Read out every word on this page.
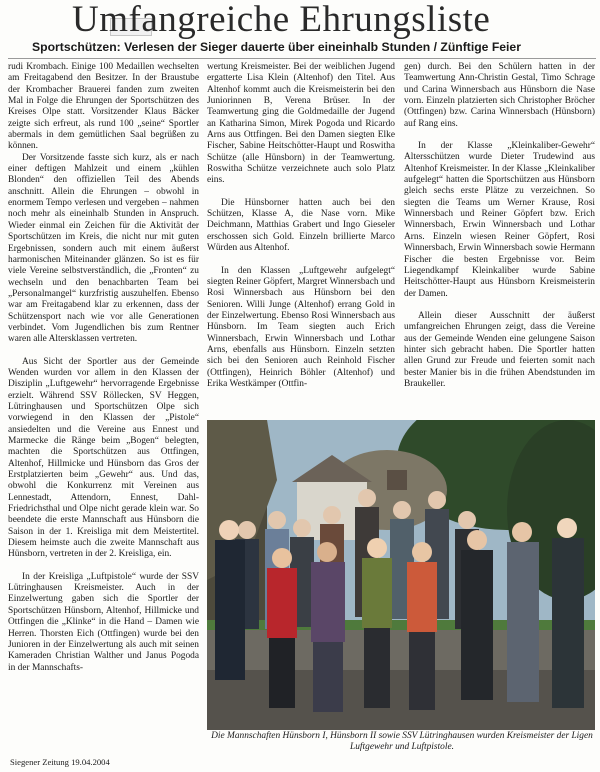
Umfangreiche Ehrungsliste
Sportschützen: Verlesen der Sieger dauerte über eineinhalb Stunden / Zünftige Feier

rudi Krombach. Einige 100 Medaillen wechselten am Freitagabend den Besitzer. In der Braustube der Krombacher Brauerei fanden zum zweiten Mal in Folge die Ehrungen der Sportschützen des Kreises Olpe statt. Vorsitzender Klaus Bäcker zeigte sich erfreut, als rund 100 „seine“ Sportler abermals in dem gemütlichen Saal begrüßen zu können.

Der Vorsitzende fasste sich kurz, als er nach einer deftigen Mahlzeit und einem „kühlen Blonden“ den offiziellen Teil des Abends anschnitt. Allein die Ehrungen – obwohl in enormem Tempo verlesen und vergeben – nahmen noch mehr als eineinhalb Stunden in Anspruch. Wieder einmal ein Zeichen für die Aktivität der Sportschützen im Kreis, die nicht nur mit guten Ergebnissen, sondern auch mit einem äußerst harmonischen Miteinander glänzen. So ist es für viele Vereine selbstverständlich, die „Fronten“ zu wechseln und den benachbarten Team bei „Personalmangel“ kurzfristig auszuhelfen. Ebenso war am Freitagabend klar zu erkennen, dass der Schützensport nach wie vor alle Generationen verbindet. Vom Jugendlichen bis zum Rentner waren alle Altersklassen vertreten.

Aus Sicht der Sportler aus der Gemeinde Wenden wurden vor allem in den Klassen der Disziplin „Luftgewehr“ hervorragende Ergebnisse erzielt. Während SSV Röllecken, SV Heggen, Lütringhausen und Sportschützen Olpe sich vorwiegend in den Klassen der „Pistole“ ansiedelten und die Vereine aus Ennest und Marmecke die Ränge beim „Bogen“ belegten, machten die Sportschützen aus Ottfingen, Altenhof, Hillmicke und Hünsborn das Gros der Erstplatzierten beim „Gewehr“ aus. Und das, obwohl die Konkurrenz mit Vereinen aus Lennestadt, Attendorn, Ennest, Dahl-Friedrichsthal und Olpe nicht gerade klein war. So beendete die erste Mannschaft aus Hünsborn die Saison in der 1. Kreisliga mit dem Meistertitel. Diesem heimste auch die zweite Mannschaft aus Hünsborn, vertreten in der 2. Kreisliga, ein.

In der Kreisliga „Luftpistole“ wurde der SSV Lütringhausen Kreismeister. Auch in der Einzelwertung gaben sich die Sportler der Sportschützen Hünsborn, Altenhof, Hillmicke und Ottfingen die „Klinke“ in die Hand – Damen wie Herren. Thorsten Eich (Ottfingen) wurde bei den Junioren in der Einzelwertung als auch mit seinen Kameraden Christian Walther und Janus Pogoda in der Mannschafts-

wertung Kreismeister. Bei der weiblichen Jugend ergatterte Lisa Klein (Altenhof) den Titel. Aus Altenhof kommt auch die Kreismeisterin bei den Juniorinnen B, Verena Brüser. In der Teamwertung ging die Goldmedaille der Jugend an Katharina Simon, Mirek Pogoda und Ricardo Arns aus Ottfingen. Bei den Damen siegten Elke Fischer, Sabine Heitschötter-Haupt und Roswitha Schütze (alle Hünsborn) in der Teamwertung. Roswitha Schütze verzeichnete auch solo Platz eins.

Die Hünsborner hatten auch bei den Schützen, Klasse A, die Nase vorn. Mike Deichmann, Matthias Grabert und Ingo Gieseler erschossen sich Gold. Einzeln brillierte Marco Würden aus Altenhof.

In den Klassen „Luftgewehr aufgelegt“ siegten Reiner Göpfert, Margret Winnersbach und Rosi Winnersbach aus Hünsborn bei den Senioren. Willi Junge (Altenhof) errang Gold in der Einzelwertung. Ebenso Rosi Winnersbach aus Hünsborn. Im Team siegten auch Erich Winnersbach, Erwin Winnersbach und Lothar Arns, ebenfalls aus Hünsborn. Einzeln setzten sich bei den Senioren auch Reinhold Fischer (Ottfingen), Heinrich Böhler (Altenhof) und Erika Westkämper (Ottfin-

gen) durch. Bei den Schülern hatten in der Teamwertung Ann-Christin Gestal, Timo Schrage und Carina Winnersbach aus Hünsborn die Nase vorn. Einzeln platzierten sich Christopher Bröcher (Ottfingen) bzw. Carina Winnersbach (Hünsborn) auf Rang eins.

In der Klasse „Kleinkaliber-Gewehr“ Altersschützen wurde Dieter Trudewind aus Altenhof Kreismeister. In der Klasse „Kleinkaliber aufgelegt“ hatten die Sportschützen aus Hünsborn gleich sechs erste Plätze zu verzeichnen. So siegten die Teams um Werner Krause, Rosi Winnersbach und Reiner Göpfert bzw. Erich Winnersbach, Erwin Winnersbach und Lothar Arns. Einzeln wiesen Reiner Göpfert, Rosi Winnersbach, Erwin Winnersbach sowie Hermann Fischer die besten Ergebnisse vor. Beim Liegendkampf Kleinkaliber wurde Sabine Heitschötter-Haupt aus Hünsborn Kreismeisterin der Damen.

Allein dieser Ausschnitt der äußerst umfangreichen Ehrungen zeigt, dass die Vereine aus der Gemeinde Wenden eine gelungene Saison hinter sich gebracht haben. Die Sportler hatten allen Grund zur Freude und feierten somit nach bester Manier bis in die frühen Abendstunden im Braukeller.

Die Mannschaften Hünsborn I, Hünsborn II sowie SSV Lütringhausen wurden Kreismeister der Ligen Luftgewehr und Luftpistole.
Siegener Zeitung 19.04.2004
